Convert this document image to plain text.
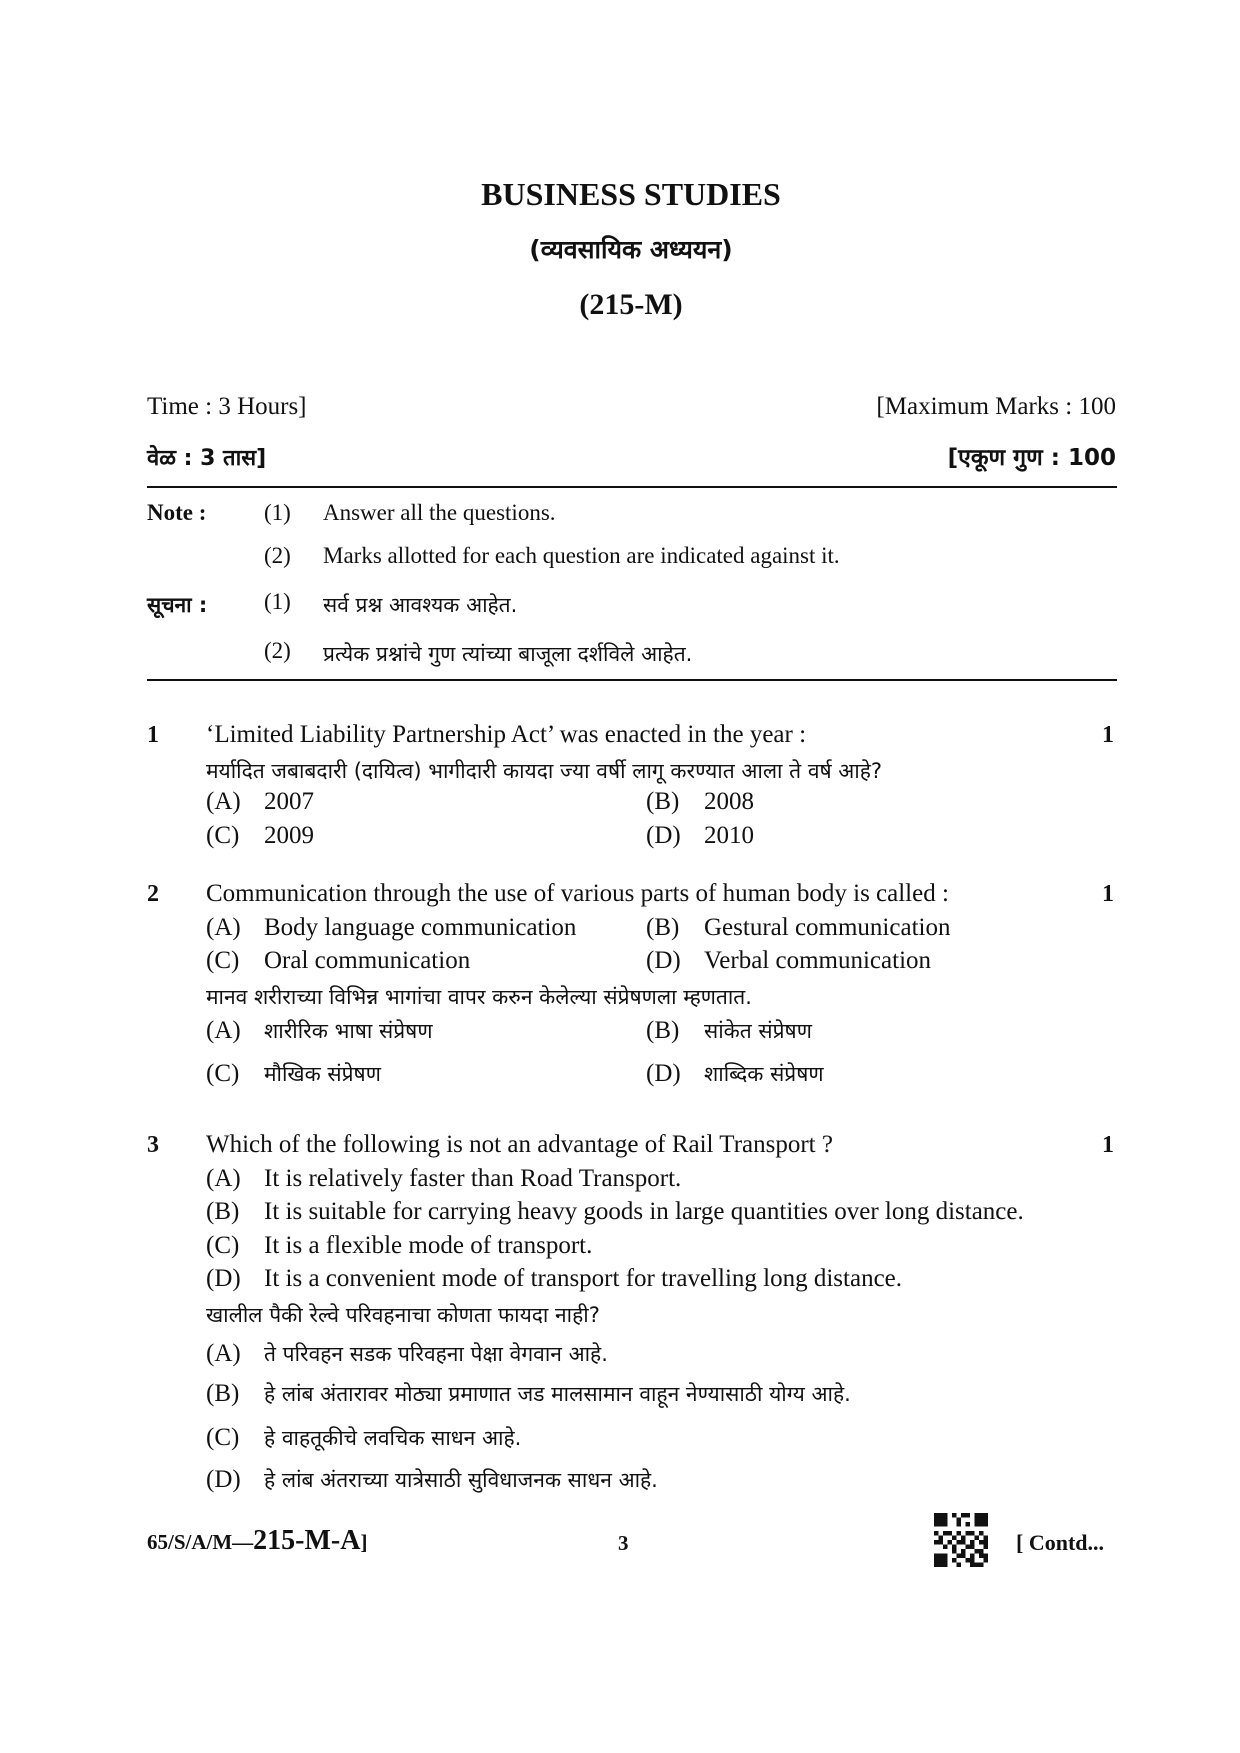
BUSINESS STUDIES
(व्यवसायिक अध्ययन)
(215-M)
Time : 3 Hours]	[Maximum Marks : 100
वेळ : 3 तास]	[एकूण गुण : 100
Note :	(1) Answer all the questions.
(2) Marks allotted for each question are indicated against it.
सूचना : (1) सर्व प्रश्न आवश्यक आहेत.
(2) प्रत्येक प्रश्नांचे गुण त्यांच्या बाजूला दर्शविले आहेत.
1 ‘Limited Liability Partnership Act’ was enacted in the year :	1
मर्यादित जबाबदारी (दायित्व) भागीदारी कायदा ज्या वर्षी लागू करण्यात आला ते वर्ष आहे?
(A) 2007	(B) 2008
(C) 2009	(D) 2010
2 Communication through the use of various parts of human body is called :	1
(A) Body language communication	(B) Gestural communication
(C) Oral communication	(D) Verbal communication
मानव शरीराच्या विभिन्न भागांचा वापर करुन केलेल्या संप्रेषणला म्हणतात.
(A) शारीरिक भाषा संप्रेषण	(B) सांकेत संप्रेषण
(C) मौखिक संप्रेषण	(D) शाब्दिक संप्रेषण
3 Which of the following is not an advantage of Rail Transport ?	1
(A) It is relatively faster than Road Transport.
(B) It is suitable for carrying heavy goods in large quantities over long distance.
(C) It is a flexible mode of transport.
(D) It is a convenient mode of transport for travelling long distance.
खालील पैकी रेल्वे परिवहनाचा कोणता फायदा नाही?
(A) ते परिवहन सडक परिवहना पेक्षा वेगवान आहे.
(B) हे लांब अंतारावर मोठ्या प्रमाणात जड मालसामान वाहून नेण्यासाठी योग्य आहे.
(C) हे वाहतूकीचे लवचिक साधन आहे.
(D) हे लांब अंतराच्या यात्रेसाठी सुविधाजनक साधन आहे.
65/S/A/M—215-M-A]	3	[ Contd...
